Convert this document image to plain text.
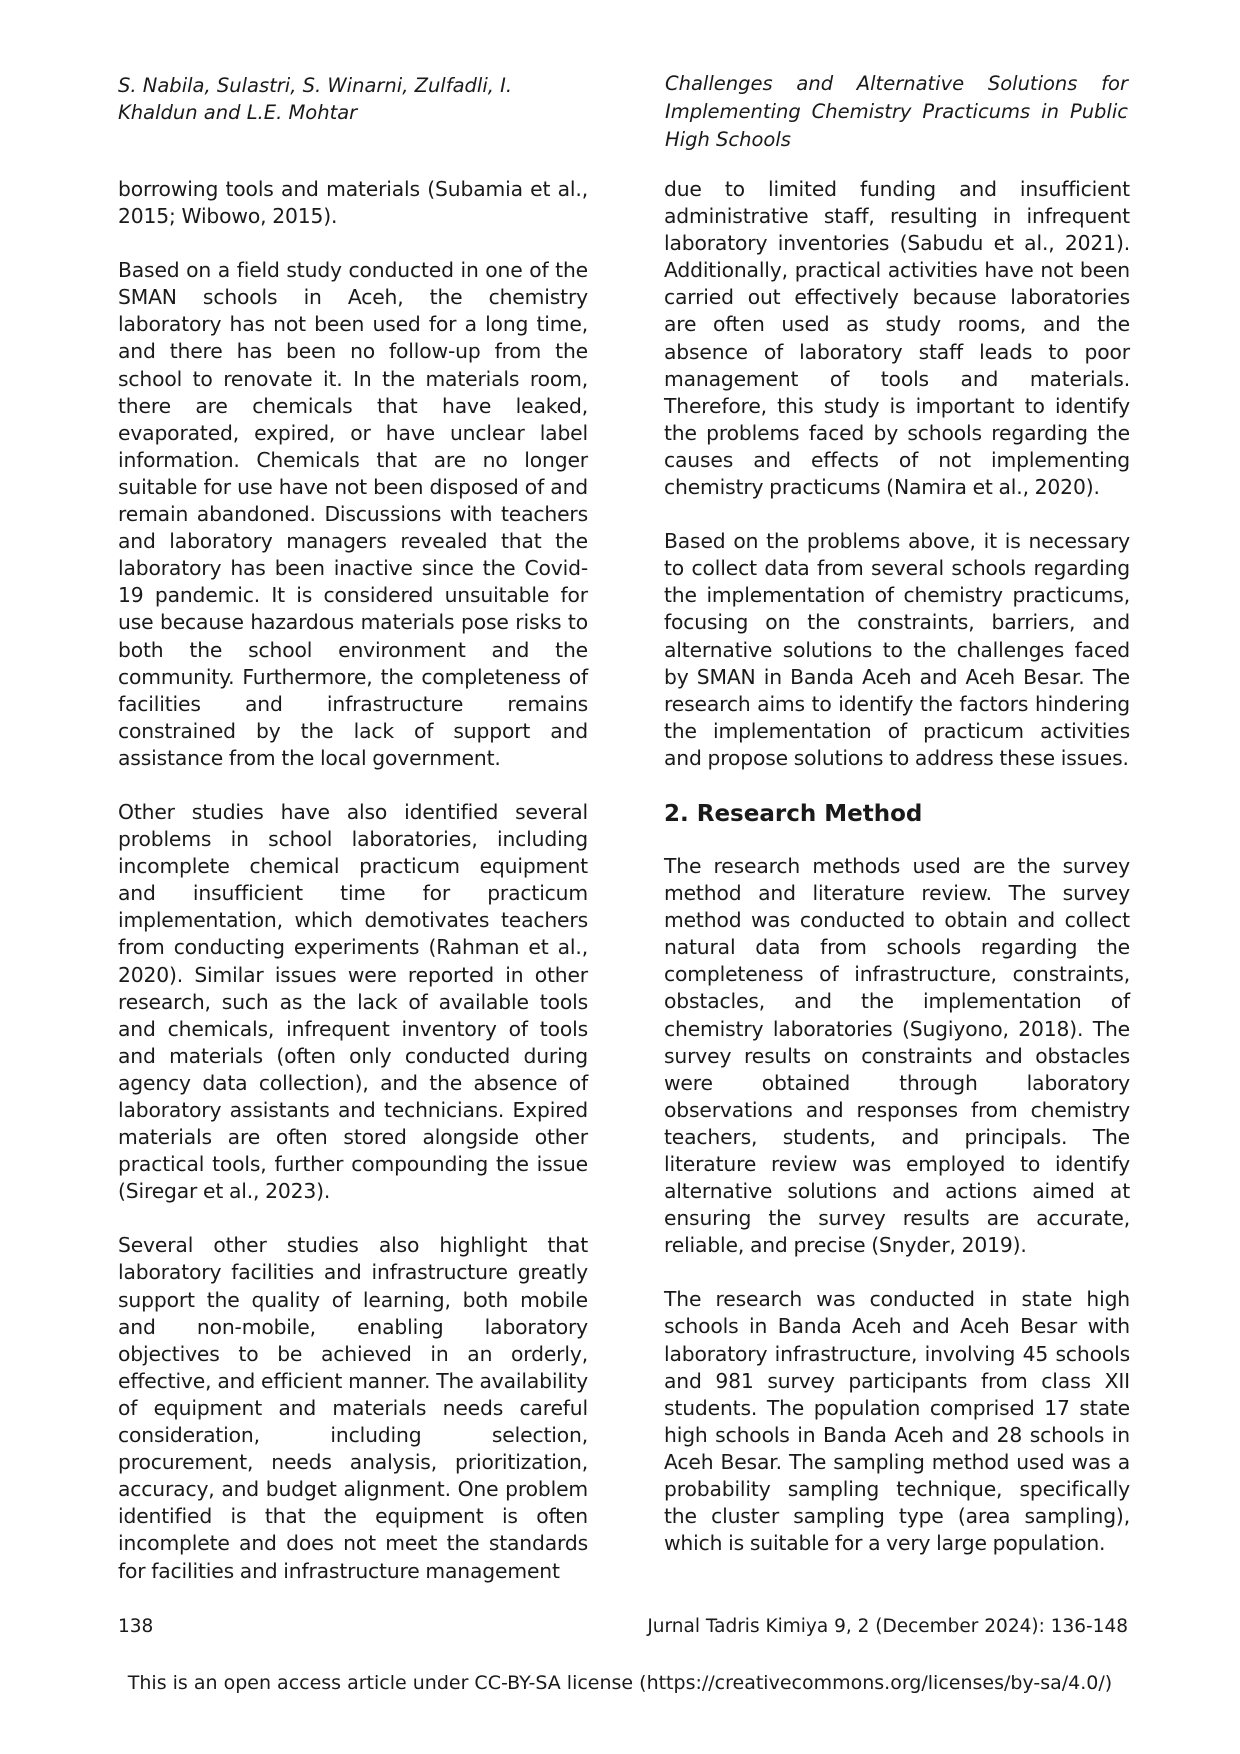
S. Nabila, Sulastri, S. Winarni, Zulfadli, I. Khaldun and L.E. Mohtar
Challenges and Alternative Solutions for Implementing Chemistry Practicums in Public High Schools

borrowing tools and materials (Subamia et al., 2015; Wibowo, 2015).

Based on a field study conducted in one of the SMAN schools in Aceh, the chemistry laboratory has not been used for a long time, and there has been no follow-up from the school to renovate it. In the materials room, there are chemicals that have leaked, evaporated, expired, or have unclear label information. Chemicals that are no longer suitable for use have not been disposed of and remain abandoned. Discussions with teachers and laboratory managers revealed that the laboratory has been inactive since the Covid-19 pandemic. It is considered unsuitable for use because hazardous materials pose risks to both the school environment and the community. Furthermore, the completeness of facilities and infrastructure remains constrained by the lack of support and assistance from the local government.

Other studies have also identified several problems in school laboratories, including incomplete chemical practicum equipment and insufficient time for practicum implementation, which demotivates teachers from conducting experiments (Rahman et al., 2020). Similar issues were reported in other research, such as the lack of available tools and chemicals, infrequent inventory of tools and materials (often only conducted during agency data collection), and the absence of laboratory assistants and technicians. Expired materials are often stored alongside other practical tools, further compounding the issue (Siregar et al., 2023).

Several other studies also highlight that laboratory facilities and infrastructure greatly support the quality of learning, both mobile and non-mobile, enabling laboratory objectives to be achieved in an orderly, effective, and efficient manner. The availability of equipment and materials needs careful consideration, including selection, procurement, needs analysis, prioritization, accuracy, and budget alignment. One problem identified is that the equipment is often incomplete and does not meet the standards for facilities and infrastructure management

due to limited funding and insufficient administrative staff, resulting in infrequent laboratory inventories (Sabudu et al., 2021). Additionally, practical activities have not been carried out effectively because laboratories are often used as study rooms, and the absence of laboratory staff leads to poor management of tools and materials. Therefore, this study is important to identify the problems faced by schools regarding the causes and effects of not implementing chemistry practicums (Namira et al., 2020).

Based on the problems above, it is necessary to collect data from several schools regarding the implementation of chemistry practicums, focusing on the constraints, barriers, and alternative solutions to the challenges faced by SMAN in Banda Aceh and Aceh Besar. The research aims to identify the factors hindering the implementation of practicum activities and propose solutions to address these issues.

2. Research Method

The research methods used are the survey method and literature review. The survey method was conducted to obtain and collect natural data from schools regarding the completeness of infrastructure, constraints, obstacles, and the implementation of chemistry laboratories (Sugiyono, 2018). The survey results on constraints and obstacles were obtained through laboratory observations and responses from chemistry teachers, students, and principals. The literature review was employed to identify alternative solutions and actions aimed at ensuring the survey results are accurate, reliable, and precise (Snyder, 2019).

The research was conducted in state high schools in Banda Aceh and Aceh Besar with laboratory infrastructure, involving 45 schools and 981 survey participants from class XII students. The population comprised 17 state high schools in Banda Aceh and 28 schools in Aceh Besar. The sampling method used was a probability sampling technique, specifically the cluster sampling type (area sampling), which is suitable for a very large population.

138	Jurnal Tadris Kimiya 9, 2 (December 2024): 136-148
This is an open access article under CC-BY-SA license (https://creativecommons.org/licenses/by-sa/4.0/)
